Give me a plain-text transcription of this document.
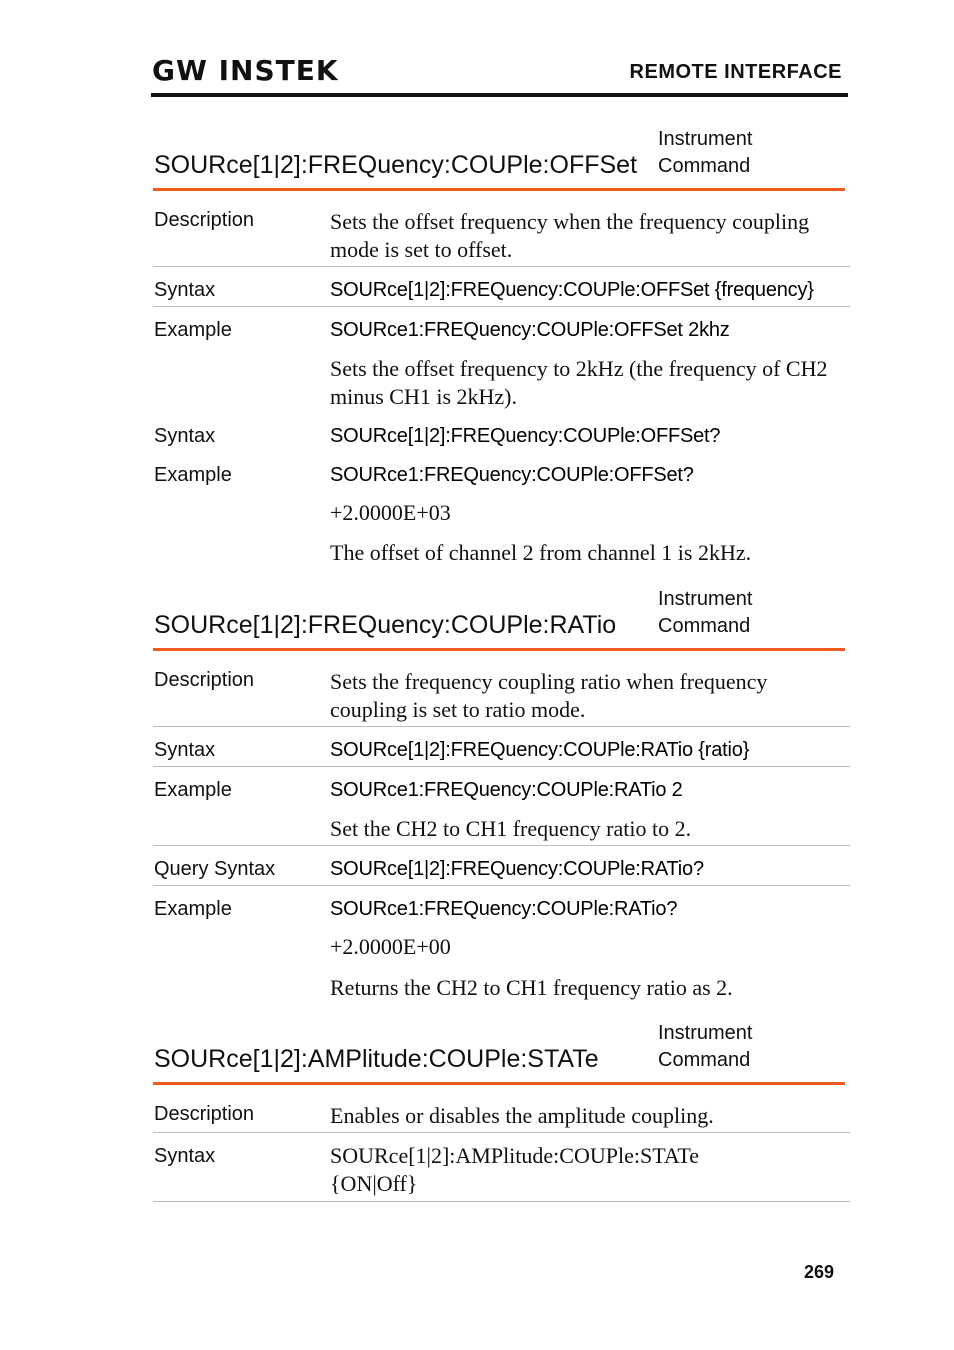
GW INSTEK	REMOTE INTERFACE
SOURce[1|2]:FREQuency:COUPle:OFFSet
Instrument
Command
Description	Sets the offset frequency when the frequency coupling mode is set to offset.
Syntax	SOURce[1|2]:FREQuency:COUPle:OFFSet {frequency}
Example	SOURce1:FREQuency:COUPle:OFFSet 2khz
Sets the offset frequency to 2kHz (the frequency of CH2 minus CH1 is 2kHz).
Syntax	SOURce[1|2]:FREQuency:COUPle:OFFSet?
Example	SOURce1:FREQuency:COUPle:OFFSet?
+2.0000E+03
The offset of channel 2 from channel 1 is 2kHz.
SOURce[1|2]:FREQuency:COUPle:RATio
Instrument
Command
Description	Sets the frequency coupling ratio when frequency coupling is set to ratio mode.
Syntax	SOURce[1|2]:FREQuency:COUPle:RATio {ratio}
Example	SOURce1:FREQuency:COUPle:RATio 2
Set the CH2 to CH1 frequency ratio to 2.
Query Syntax	SOURce[1|2]:FREQuency:COUPle:RATio?
Example	SOURce1:FREQuency:COUPle:RATio?
+2.0000E+00
Returns the CH2 to CH1 frequency ratio as 2.
SOURce[1|2]:AMPlitude:COUPle:STATe
Instrument
Command
Description	Enables or disables the amplitude coupling.
Syntax	SOURce[1|2]:AMPlitude:COUPle:STATe {ON|Off}
269
